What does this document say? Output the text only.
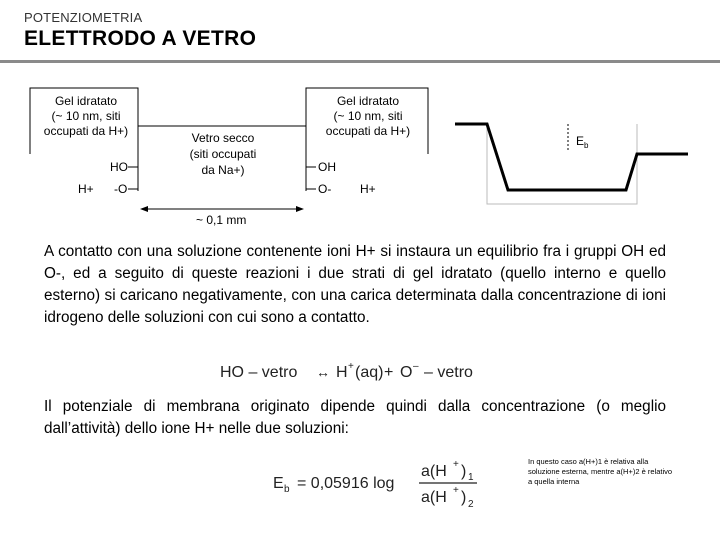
POTENZIOMETRIA
ELETTRODO A VETRO
Gel idratato
(~ 10 nm, siti
occupati da H+)
Gel idratato
(~ 10 nm, siti
occupati da H+)
Vetro secco
(siti occupati
da Na+)
HO
-O
H+
OH
O- H+
~ 0,1 mm
$E_b$
A contatto con una soluzione contenente ioni H+ si instaura un equilibrio fra i gruppi OH ed O-, ed a seguito di queste reazioni i due strati di gel idratato (quello interno e quello esterno) si caricano negativamente, con una carica determinata dalla concentrazione di ioni idrogeno delle soluzioni con cui sono a contatto.
HO – vetro ↔ H + (aq) + O – – vetro
Il potenziale di membrana originato dipende quindi dalla concentrazione (o meglio dall’attività) dello ione H+ nelle due soluzioni:
E b = 0,05916 log
a(H + ) 1
a(H + ) 2
In questo caso a(H+)1 è relativa alla soluzione esterna, mentre a(H+)2 è relativo a quella interna
